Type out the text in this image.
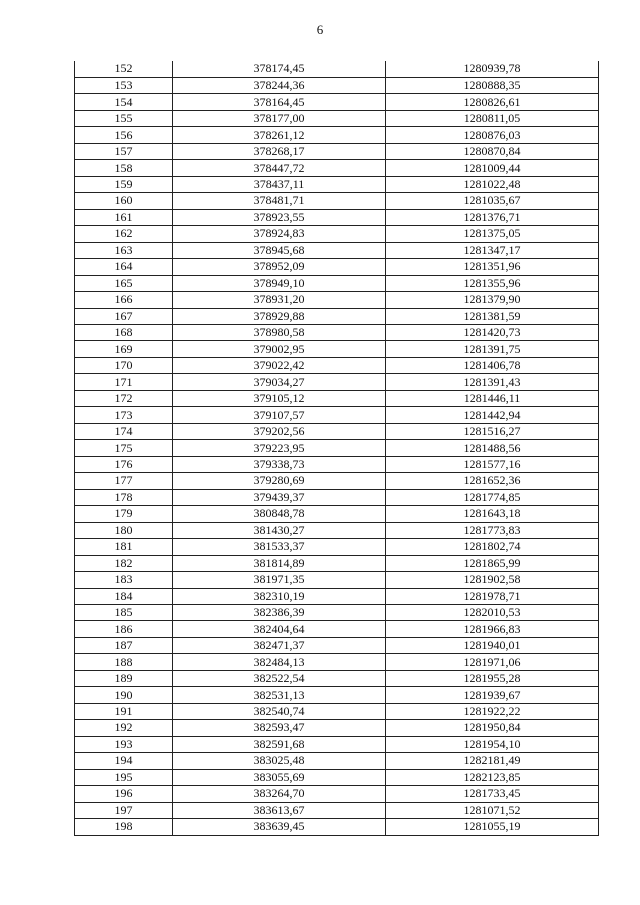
6
152	378174,45	1280939,78
153	378244,36	1280888,35
154	378164,45	1280826,61
155	378177,00	1280811,05
156	378261,12	1280876,03
157	378268,17	1280870,84
158	378447,72	1281009,44
159	378437,11	1281022,48
160	378481,71	1281035,67
161	378923,55	1281376,71
162	378924,83	1281375,05
163	378945,68	1281347,17
164	378952,09	1281351,96
165	378949,10	1281355,96
166	378931,20	1281379,90
167	378929,88	1281381,59
168	378980,58	1281420,73
169	379002,95	1281391,75
170	379022,42	1281406,78
171	379034,27	1281391,43
172	379105,12	1281446,11
173	379107,57	1281442,94
174	379202,56	1281516,27
175	379223,95	1281488,56
176	379338,73	1281577,16
177	379280,69	1281652,36
178	379439,37	1281774,85
179	380848,78	1281643,18
180	381430,27	1281773,83
181	381533,37	1281802,74
182	381814,89	1281865,99
183	381971,35	1281902,58
184	382310,19	1281978,71
185	382386,39	1282010,53
186	382404,64	1281966,83
187	382471,37	1281940,01
188	382484,13	1281971,06
189	382522,54	1281955,28
190	382531,13	1281939,67
191	382540,74	1281922,22
192	382593,47	1281950,84
193	382591,68	1281954,10
194	383025,48	1282181,49
195	383055,69	1282123,85
196	383264,70	1281733,45
197	383613,67	1281071,52
198	383639,45	1281055,19
